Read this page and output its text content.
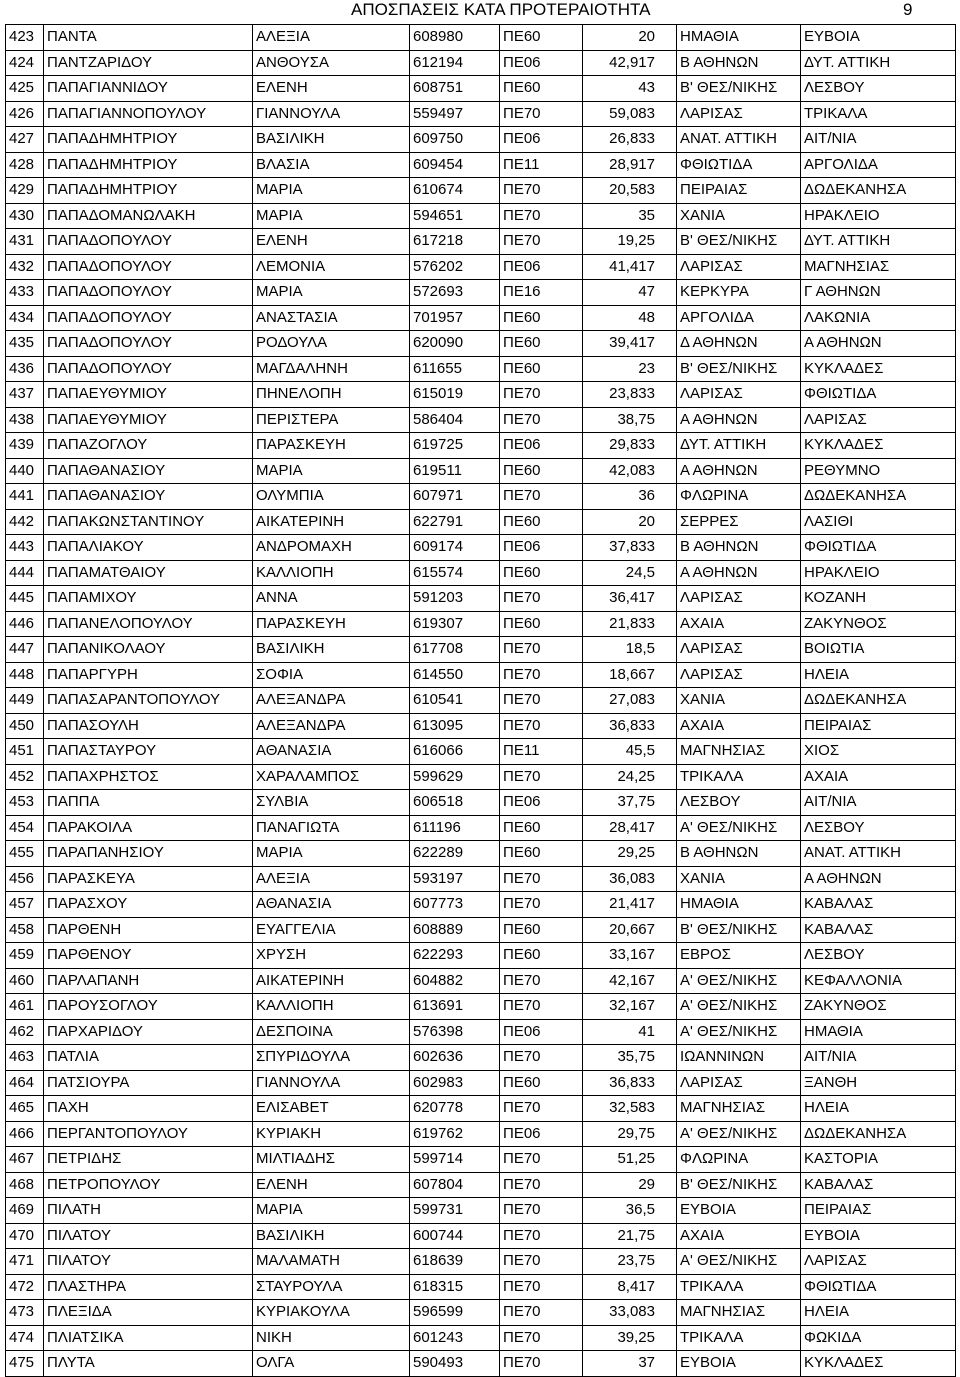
ΑΠΟΣΠΑΣΕΙΣ ΚΑΤΑ ΠΡΟΤΕΡΑΙΟΤΗΤΑ	9
423	ΠΑΝΤΑ	ΑΛΕΞΙΑ	608980	ΠΕ60	20	ΗΜΑΘΙΑ	ΕΥΒΟΙΑ
424	ΠΑΝΤΖΑΡΙΔΟΥ	ΑΝΘΟΥΣΑ	612194	ΠΕ06	42,917	Β ΑΘΗΝΩΝ	ΔΥΤ. ΑΤΤΙΚΗ
425	ΠΑΠΑΓΙΑΝΝΙΔΟΥ	ΕΛΕΝΗ	608751	ΠΕ60	43	Β' ΘΕΣ/ΝΙΚΗΣ	ΛΕΣΒΟΥ
426	ΠΑΠΑΓΙΑΝΝΟΠΟΥΛΟΥ	ΓΙΑΝΝΟΥΛΑ	559497	ΠΕ70	59,083	ΛΑΡΙΣΑΣ	ΤΡΙΚΑΛΑ
427	ΠΑΠΑΔΗΜΗΤΡΙΟΥ	ΒΑΣΙΛΙΚΗ	609750	ΠΕ06	26,833	ΑΝΑΤ. ΑΤΤΙΚΗ	ΑΙΤ/ΝΙΑ
428	ΠΑΠΑΔΗΜΗΤΡΙΟΥ	ΒΛΑΣΙΑ	609454	ΠΕ11	28,917	ΦΘΙΩΤΙΔΑ	ΑΡΓΟΛΙΔΑ
429	ΠΑΠΑΔΗΜΗΤΡΙΟΥ	ΜΑΡΙΑ	610674	ΠΕ70	20,583	ΠΕΙΡΑΙΑΣ	ΔΩΔΕΚΑΝΗΣΑ
430	ΠΑΠΑΔΟΜΑΝΩΛΑΚΗ	ΜΑΡΙΑ	594651	ΠΕ70	35	ΧΑΝΙΑ	ΗΡΑΚΛΕΙΟ
431	ΠΑΠΑΔΟΠΟΥΛΟΥ	ΕΛΕΝΗ	617218	ΠΕ70	19,25	Β' ΘΕΣ/ΝΙΚΗΣ	ΔΥΤ. ΑΤΤΙΚΗ
432	ΠΑΠΑΔΟΠΟΥΛΟΥ	ΛΕΜΟΝΙΑ	576202	ΠΕ06	41,417	ΛΑΡΙΣΑΣ	ΜΑΓΝΗΣΙΑΣ
433	ΠΑΠΑΔΟΠΟΥΛΟΥ	ΜΑΡΙΑ	572693	ΠΕ16	47	ΚΕΡΚΥΡΑ	Γ ΑΘΗΝΩΝ
434	ΠΑΠΑΔΟΠΟΥΛΟΥ	ΑΝΑΣΤΑΣΙΑ	701957	ΠΕ60	48	ΑΡΓΟΛΙΔΑ	ΛΑΚΩΝΙΑ
435	ΠΑΠΑΔΟΠΟΥΛΟΥ	ΡΟΔΟΥΛΑ	620090	ΠΕ60	39,417	Δ ΑΘΗΝΩΝ	Α ΑΘΗΝΩΝ
436	ΠΑΠΑΔΟΠΟΥΛΟΥ	ΜΑΓΔΑΛΗΝΗ	611655	ΠΕ60	23	Β' ΘΕΣ/ΝΙΚΗΣ	ΚΥΚΛΑΔΕΣ
437	ΠΑΠΑΕΥΘΥΜΙΟΥ	ΠΗΝΕΛΟΠΗ	615019	ΠΕ70	23,833	ΛΑΡΙΣΑΣ	ΦΘΙΩΤΙΔΑ
438	ΠΑΠΑΕΥΘΥΜΙΟΥ	ΠΕΡΙΣΤΕΡΑ	586404	ΠΕ70	38,75	Α ΑΘΗΝΩΝ	ΛΑΡΙΣΑΣ
439	ΠΑΠΑΖΟΓΛΟΥ	ΠΑΡΑΣΚΕΥΗ	619725	ΠΕ06	29,833	ΔΥΤ. ΑΤΤΙΚΗ	ΚΥΚΛΑΔΕΣ
440	ΠΑΠΑΘΑΝΑΣΙΟΥ	ΜΑΡΙΑ	619511	ΠΕ60	42,083	Α ΑΘΗΝΩΝ	ΡΕΘΥΜΝΟ
441	ΠΑΠΑΘΑΝΑΣΙΟΥ	ΟΛΥΜΠΙΑ	607971	ΠΕ70	36	ΦΛΩΡΙΝΑ	ΔΩΔΕΚΑΝΗΣΑ
442	ΠΑΠΑΚΩΝΣΤΑΝΤΙΝΟΥ	ΑΙΚΑΤΕΡΙΝΗ	622791	ΠΕ60	20	ΣΕΡΡΕΣ	ΛΑΣΙΘΙ
443	ΠΑΠΑΛΙΑΚΟΥ	ΑΝΔΡΟΜΑΧΗ	609174	ΠΕ06	37,833	Β ΑΘΗΝΩΝ	ΦΘΙΩΤΙΔΑ
444	ΠΑΠΑΜΑΤΘΑΙΟΥ	ΚΑΛΛΙΟΠΗ	615574	ΠΕ60	24,5	Α ΑΘΗΝΩΝ	ΗΡΑΚΛΕΙΟ
445	ΠΑΠΑΜΙΧΟΥ	ΑΝΝΑ	591203	ΠΕ70	36,417	ΛΑΡΙΣΑΣ	ΚΟΖΑΝΗ
446	ΠΑΠΑΝΕΛΟΠΟΥΛΟΥ	ΠΑΡΑΣΚΕΥΗ	619307	ΠΕ60	21,833	ΑΧΑΙΑ	ΖΑΚΥΝΘΟΣ
447	ΠΑΠΑΝΙΚΟΛΑΟΥ	ΒΑΣΙΛΙΚΗ	617708	ΠΕ70	18,5	ΛΑΡΙΣΑΣ	ΒΟΙΩΤΙΑ
448	ΠΑΠΑΡΓΥΡΗ	ΣΟΦΙΑ	614550	ΠΕ70	18,667	ΛΑΡΙΣΑΣ	ΗΛΕΙΑ
449	ΠΑΠΑΣΑΡΑΝΤΟΠΟΥΛΟΥ	ΑΛΕΞΑΝΔΡΑ	610541	ΠΕ70	27,083	ΧΑΝΙΑ	ΔΩΔΕΚΑΝΗΣΑ
450	ΠΑΠΑΣΟΥΛΗ	ΑΛΕΞΑΝΔΡΑ	613095	ΠΕ70	36,833	ΑΧΑΙΑ	ΠΕΙΡΑΙΑΣ
451	ΠΑΠΑΣΤΑΥΡΟΥ	ΑΘΑΝΑΣΙΑ	616066	ΠΕ11	45,5	ΜΑΓΝΗΣΙΑΣ	ΧΙΟΣ
452	ΠΑΠΑΧΡΗΣΤΟΣ	ΧΑΡΑΛΑΜΠΟΣ	599629	ΠΕ70	24,25	ΤΡΙΚΑΛΑ	ΑΧΑΙΑ
453	ΠΑΠΠΑ	ΣΥΛΒΙΑ	606518	ΠΕ06	37,75	ΛΕΣΒΟΥ	ΑΙΤ/ΝΙΑ
454	ΠΑΡΑΚΟΙΛΑ	ΠΑΝΑΓΙΩΤΑ	611196	ΠΕ60	28,417	Α' ΘΕΣ/ΝΙΚΗΣ	ΛΕΣΒΟΥ
455	ΠΑΡΑΠΑΝΗΣΙΟΥ	ΜΑΡΙΑ	622289	ΠΕ60	29,25	Β ΑΘΗΝΩΝ	ΑΝΑΤ. ΑΤΤΙΚΗ
456	ΠΑΡΑΣΚΕΥΑ	ΑΛΕΞΙΑ	593197	ΠΕ70	36,083	ΧΑΝΙΑ	Α ΑΘΗΝΩΝ
457	ΠΑΡΑΣΧΟΥ	ΑΘΑΝΑΣΙΑ	607773	ΠΕ70	21,417	ΗΜΑΘΙΑ	ΚΑΒΑΛΑΣ
458	ΠΑΡΘΕΝΗ	ΕΥΑΓΓΕΛΙΑ	608889	ΠΕ60	20,667	Β' ΘΕΣ/ΝΙΚΗΣ	ΚΑΒΑΛΑΣ
459	ΠΑΡΘΕΝΟΥ	ΧΡΥΣΗ	622293	ΠΕ60	33,167	ΕΒΡΟΣ	ΛΕΣΒΟΥ
460	ΠΑΡΛΑΠΑΝΗ	ΑΙΚΑΤΕΡΙΝΗ	604882	ΠΕ70	42,167	Α' ΘΕΣ/ΝΙΚΗΣ	ΚΕΦΑΛΛΟΝΙΑ
461	ΠΑΡΟΥΣΟΓΛΟΥ	ΚΑΛΛΙΟΠΗ	613691	ΠΕ70	32,167	Α' ΘΕΣ/ΝΙΚΗΣ	ΖΑΚΥΝΘΟΣ
462	ΠΑΡΧΑΡΙΔΟΥ	ΔΕΣΠΟΙΝΑ	576398	ΠΕ06	41	Α' ΘΕΣ/ΝΙΚΗΣ	ΗΜΑΘΙΑ
463	ΠΑΤΛΙΑ	ΣΠΥΡΙΔΟΥΛΑ	602636	ΠΕ70	35,75	ΙΩΑΝΝΙΝΩΝ	ΑΙΤ/ΝΙΑ
464	ΠΑΤΣΙΟΥΡΑ	ΓΙΑΝΝΟΥΛΑ	602983	ΠΕ60	36,833	ΛΑΡΙΣΑΣ	ΞΑΝΘΗ
465	ΠΑΧΗ	ΕΛΙΣΑΒΕΤ	620778	ΠΕ70	32,583	ΜΑΓΝΗΣΙΑΣ	ΗΛΕΙΑ
466	ΠΕΡΓΑΝΤΟΠΟΥΛΟΥ	ΚΥΡΙΑΚΗ	619762	ΠΕ06	29,75	Α' ΘΕΣ/ΝΙΚΗΣ	ΔΩΔΕΚΑΝΗΣΑ
467	ΠΕΤΡΙΔΗΣ	ΜΙΛΤΙΑΔΗΣ	599714	ΠΕ70	51,25	ΦΛΩΡΙΝΑ	ΚΑΣΤΟΡΙΑ
468	ΠΕΤΡΟΠΟΥΛΟΥ	ΕΛΕΝΗ	607804	ΠΕ70	29	Β' ΘΕΣ/ΝΙΚΗΣ	ΚΑΒΑΛΑΣ
469	ΠΙΛΑΤΗ	ΜΑΡΙΑ	599731	ΠΕ70	36,5	ΕΥΒΟΙΑ	ΠΕΙΡΑΙΑΣ
470	ΠΙΛΑΤΟΥ	ΒΑΣΙΛΙΚΗ	600744	ΠΕ70	21,75	ΑΧΑΙΑ	ΕΥΒΟΙΑ
471	ΠΙΛΑΤΟΥ	ΜΑΛΑΜΑΤΗ	618639	ΠΕ70	23,75	Α' ΘΕΣ/ΝΙΚΗΣ	ΛΑΡΙΣΑΣ
472	ΠΛΑΣΤΗΡΑ	ΣΤΑΥΡΟΥΛΑ	618315	ΠΕ70	8,417	ΤΡΙΚΑΛΑ	ΦΘΙΩΤΙΔΑ
473	ΠΛΕΞΙΔΑ	ΚΥΡΙΑΚΟΥΛΑ	596599	ΠΕ70	33,083	ΜΑΓΝΗΣΙΑΣ	ΗΛΕΙΑ
474	ΠΛΙΑΤΣΙΚΑ	ΝΙΚΗ	601243	ΠΕ70	39,25	ΤΡΙΚΑΛΑ	ΦΩΚΙΔΑ
475	ΠΛΥΤΑ	ΟΛΓΑ	590493	ΠΕ70	37	ΕΥΒΟΙΑ	ΚΥΚΛΑΔΕΣ
